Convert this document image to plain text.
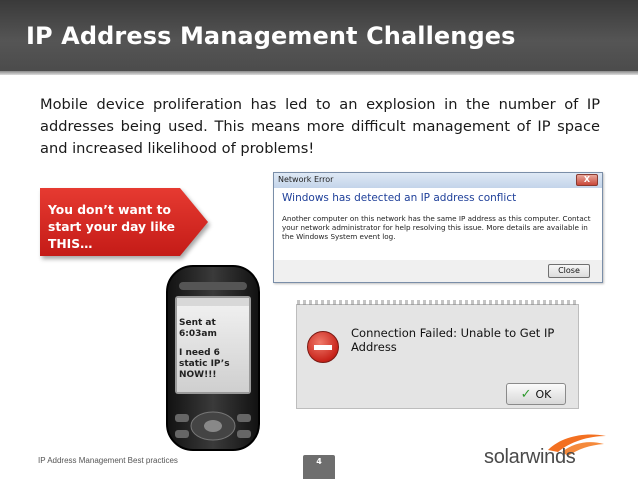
IP Address Management Challenges
Mobile device proliferation has led to an explosion in the number of IP addresses being used. This means more difficult management of IP space and increased likelihood of problems!
You don’t want to start your day like THIS…
Sent at 6:03am
I need 6 static IP’s NOW!!!
Network Error	X
Windows has detected an IP address conflict
Another computer on this network has the same IP address as this computer. Contact your network administrator for help resolving this issue. More details are available in the Windows System event log.
Close
Connection Failed: Unable to Get IP Address
✓ OK
IP Address Management Best practices	4	solarwinds
